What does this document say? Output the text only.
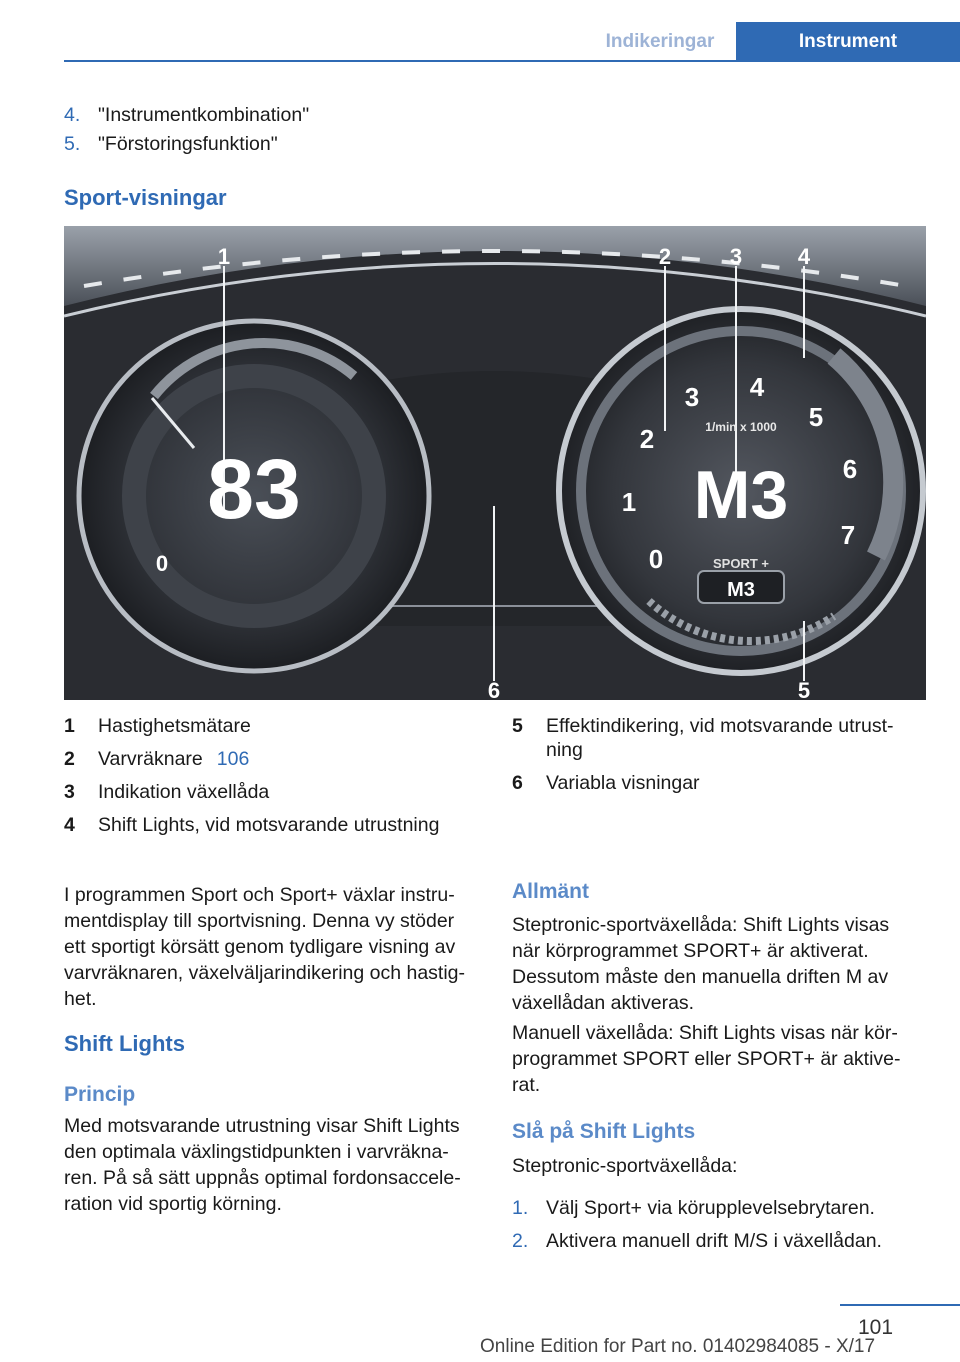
Indikeringar	Instrument
4. "Instrumentkombination"
5. "Förstoringsfunktion"
Sport-visningar
83
0
M3
1/min x 1000
0
1
2
3 4
5
6
7
SPORT +
M3
1	2	3	4
5
6
1	Hastighetsmätare
2	Varvräknare 106
3	Indikation växellåda
4	Shift Lights, vid motsvarande utrustning
5	Effektindikering, vid motsvarande utrust-
ning
6	Variabla visningar
I programmen Sport och Sport+ växlar instru-
mentdisplay till sportvisning. Denna vy stöder
ett sportigt körsätt genom tydligare visning av
varvräknaren, växelväljarindikering och hastig-
het.
Shift Lights
Princip
Med motsvarande utrustning visar Shift Lights
den optimala växlingstidpunkten i varvräkna-
ren. På så sätt uppnås optimal fordonsaccele-
ration vid sportig körning.
Allmänt
Steptronic-sportväxellåda: Shift Lights visas
när körprogrammet SPORT+ är aktiverat.
Dessutom måste den manuella driften M av
växellådan aktiveras.
Manuell växellåda: Shift Lights visas när kör-
programmet SPORT eller SPORT+ är aktive-
rat.
Slå på Shift Lights
Steptronic-sportväxellåda:
1. Välj Sport+ via körupplevelsebrytaren.
2. Aktivera manuell drift M/S i växellådan.
101
Online Edition for Part no. 01402984085 - X/17
